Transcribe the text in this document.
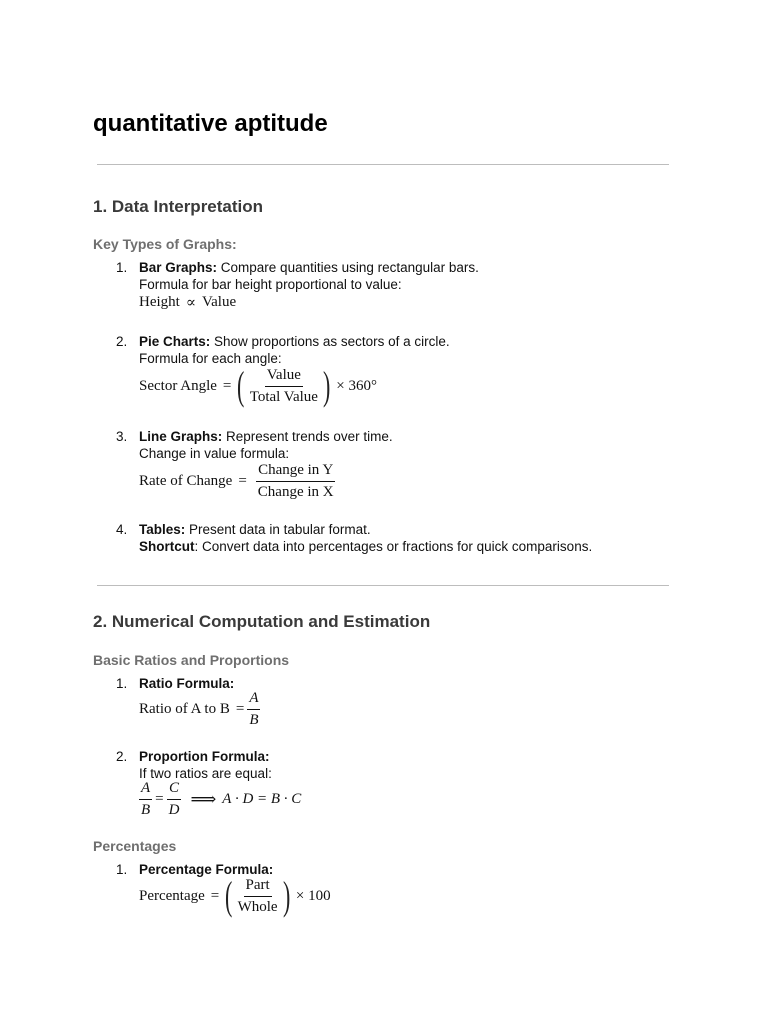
quantitative aptitude
1. Data Interpretation
Key Types of Graphs:
1. Bar Graphs: Compare quantities using rectangular bars.
Formula for bar height proportional to value:
Height ∝ Value
2. Pie Charts: Show proportions as sectors of a circle.
Formula for each angle:
Sector Angle = ( $\frac{\text{Value}}{\text{Total Value}}$ ) × 360°
3. Line Graphs: Represent trends over time.
Change in value formula:
Rate of Change = $\frac{\text{Change in Y}}{\text{Change in X}}$
4. Tables: Present data in tabular format.
Shortcut: Convert data into percentages or fractions for quick comparisons.
2. Numerical Computation and Estimation
Basic Ratios and Proportions
1. Ratio Formula:
Ratio of A to $B = \frac{A}{B}$
2. Proportion Formula:
If two ratios are equal:
$\frac{A}{B} = \frac{C}{D}$ ⟹ A · D = B · C
Percentages
1. Percentage Formula:
Percentage = ( $\frac{\text{Part}}{\text{Whole}}$ ) × 100
